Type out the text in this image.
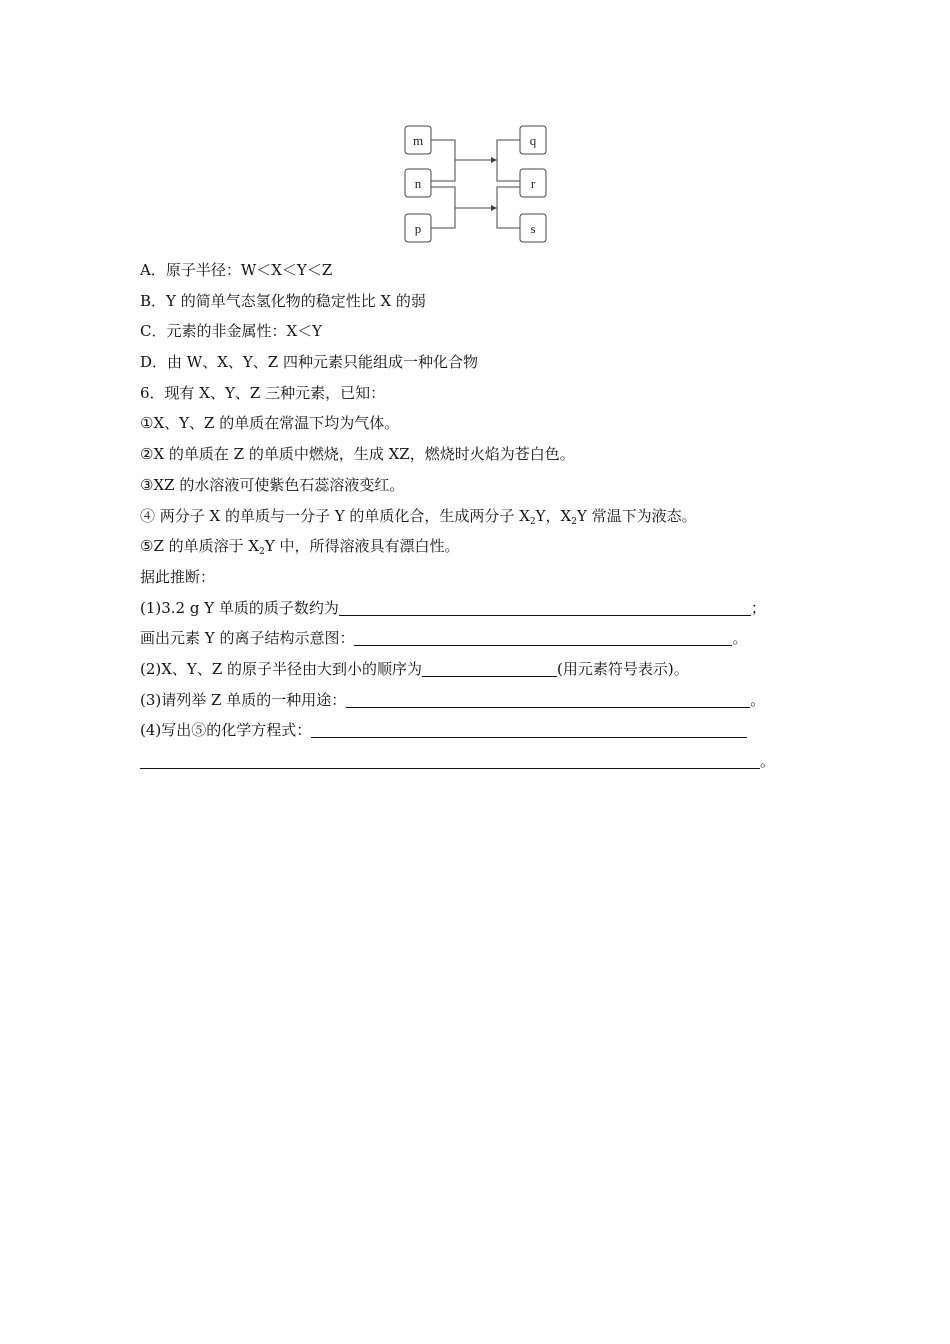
m
n
p
q
r
s
A．原子半径：W＜X＜Y＜Z
B．Y 的简单气态氢化物的稳定性比 X 的弱
C．元素的非金属性：X＜Y
D．由 W、X、Y、Z 四种元素只能组成一种化合物
6．现有 X、Y、Z 三种元素，已知：
①X、Y、Z 的单质在常温下均为气体。
②X 的单质在 Z 的单质中燃烧，生成 XZ，燃烧时火焰为苍白色。
③XZ 的水溶液可使紫色石蕊溶液变红。
④ 两分子 X 的单质与一分子 Y 的单质化合，生成两分子 $X_2Y$，$X_2Y$ 常温下为液态。
⑤Z 的单质溶于 $X_2Y$ 中，所得溶液具有漂白性。
据此推断：
(1)3.2 g Y 单质的质子数约为	；
画出元素 Y 的离子结构示意图：	。
(2)X、Y、Z 的原子半径由大到小的顺序为	(用元素符号表示)。
(3)请列举 Z 单质的一种用途：	。
(4)写出⑤的化学方程式：
。
